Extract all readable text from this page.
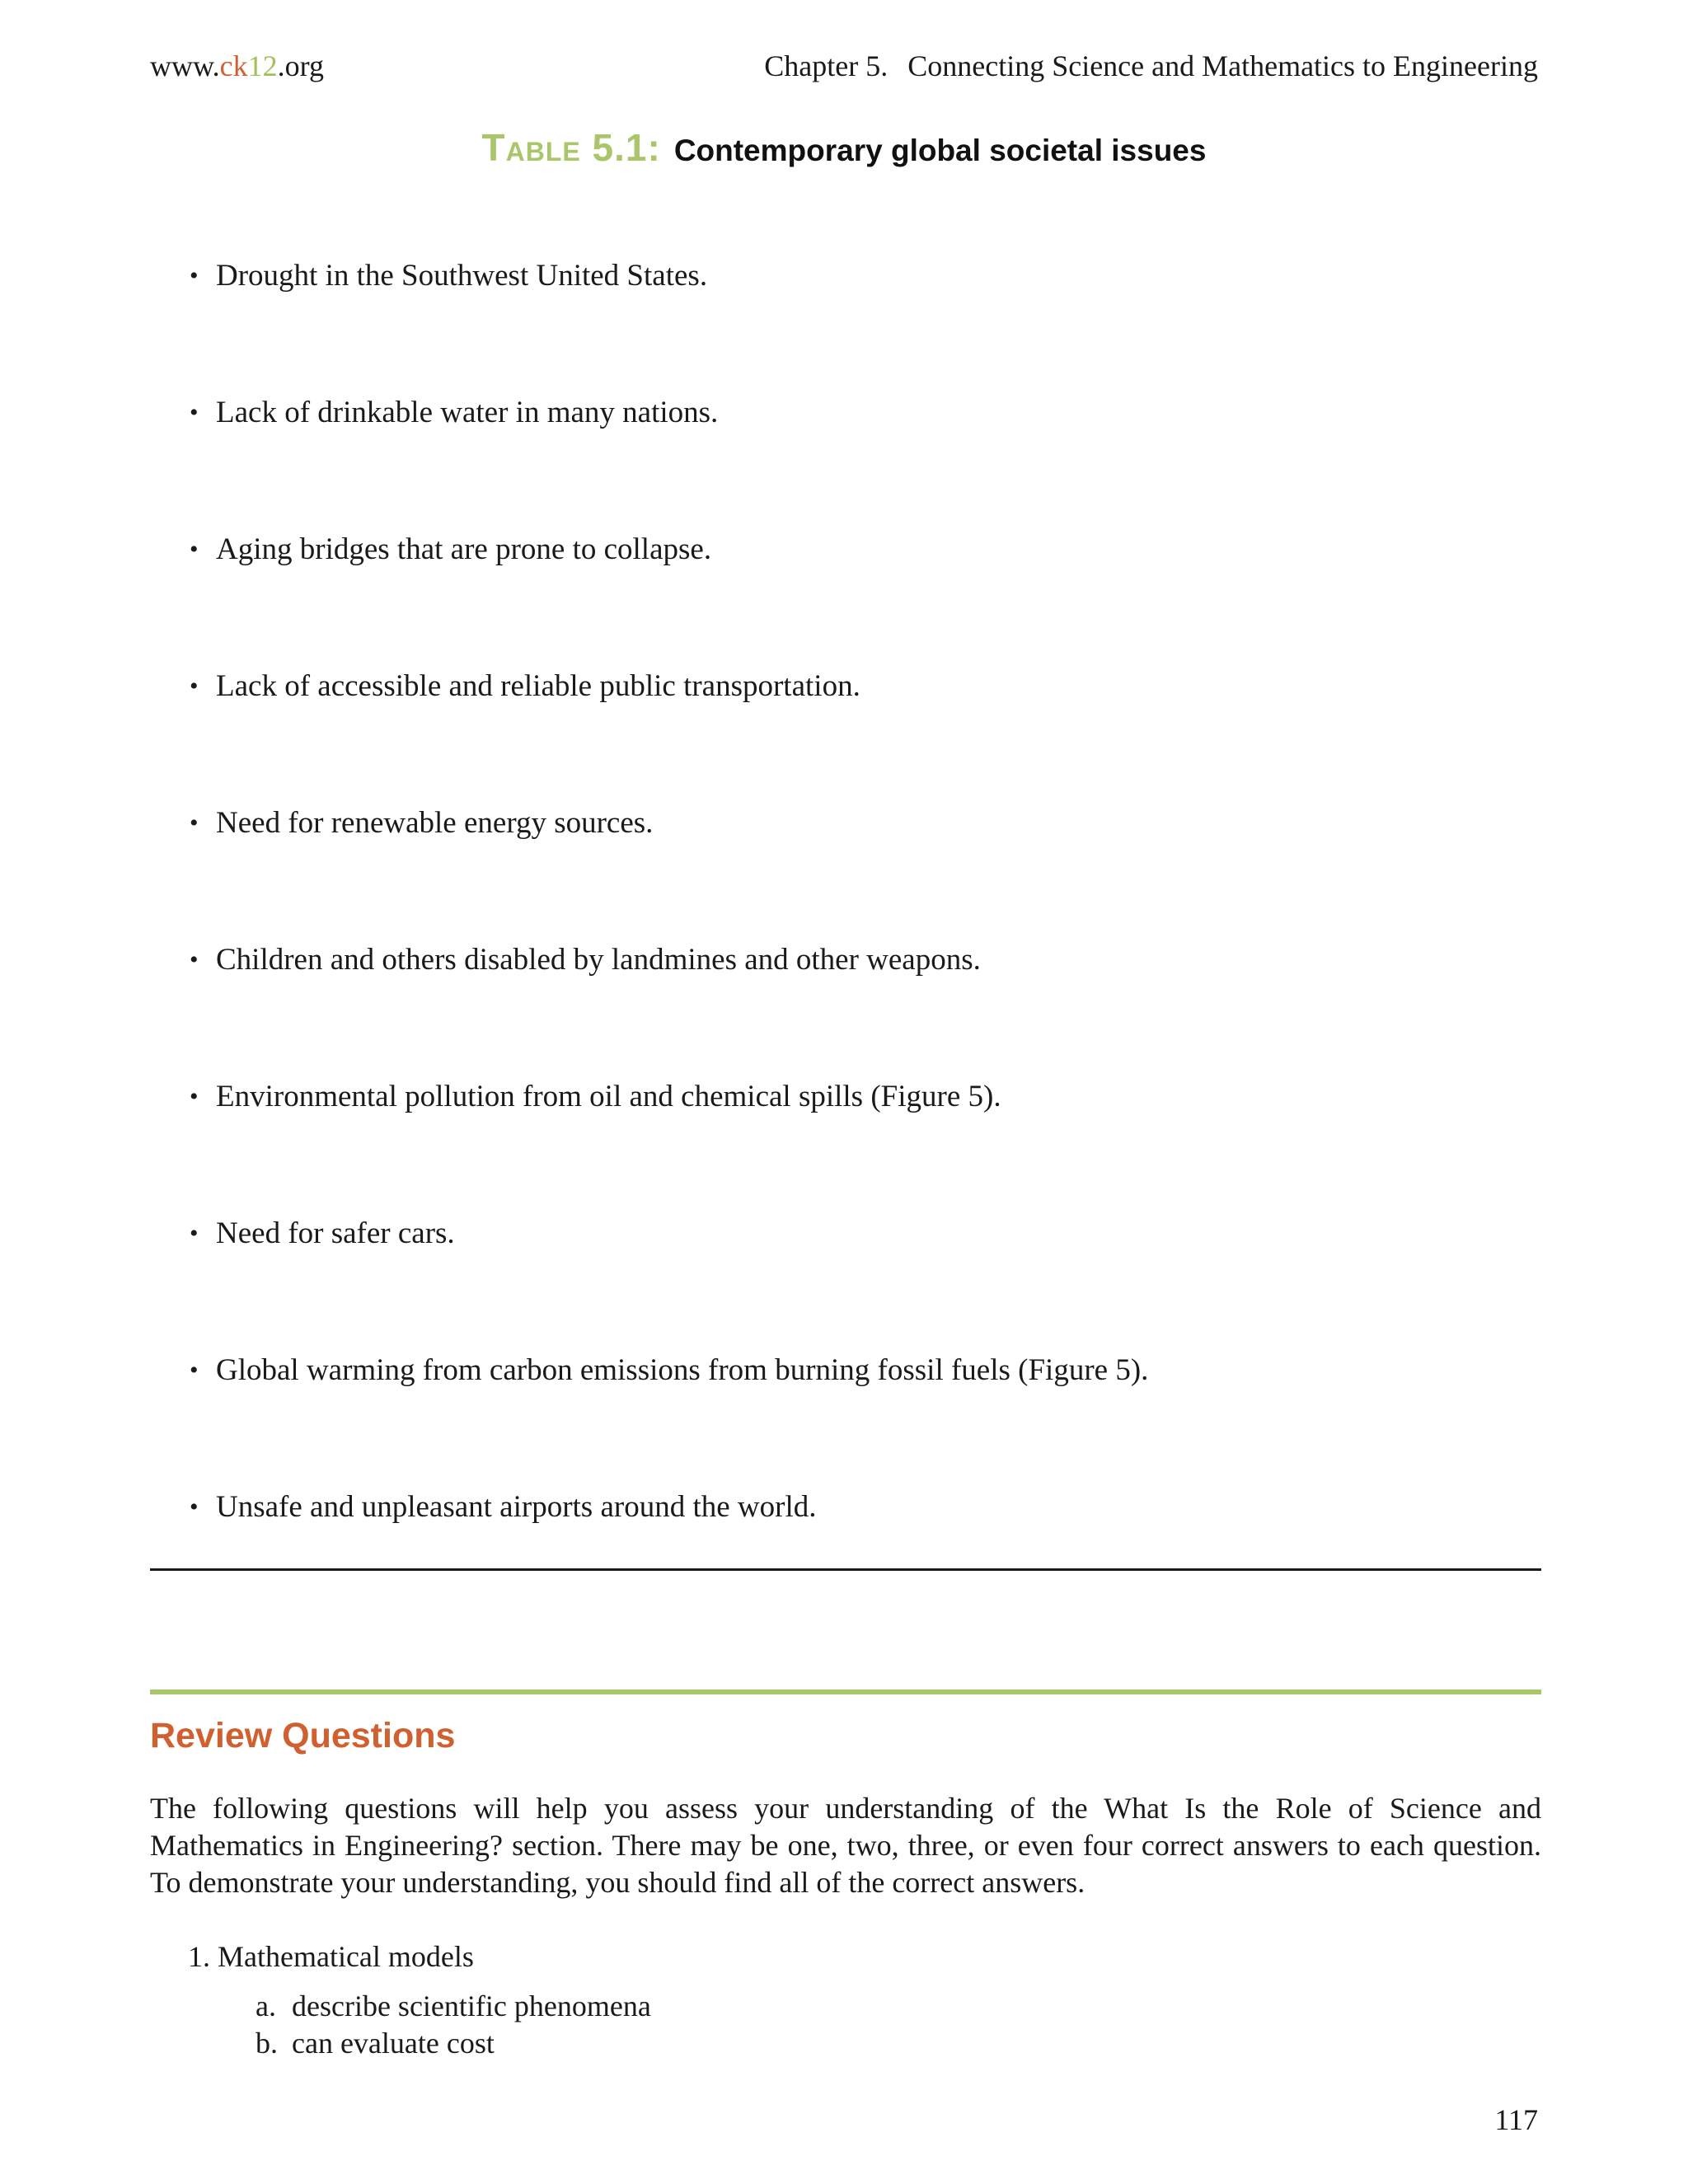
www.ck12.org	Chapter 5. Connecting Science and Mathematics to Engineering
Table 5.1: Contemporary global societal issues
• Drought in the Southwest United States.
• Lack of drinkable water in many nations.
• Aging bridges that are prone to collapse.
• Lack of accessible and reliable public transportation.
• Need for renewable energy sources.
• Children and others disabled by landmines and other weapons.
• Environmental pollution from oil and chemical spills (Figure 5).
• Need for safer cars.
• Global warming from carbon emissions from burning fossil fuels (Figure 5).
• Unsafe and unpleasant airports around the world.
Review Questions

The following questions will help you assess your understanding of the What Is the Role of Science and Mathematics in Engineering? section. There may be one, two, three, or even four correct answers to each question. To demonstrate your understanding, you should find all of the correct answers.

1. Mathematical models
a. describe scientific phenomena
b. can evaluate cost
117
